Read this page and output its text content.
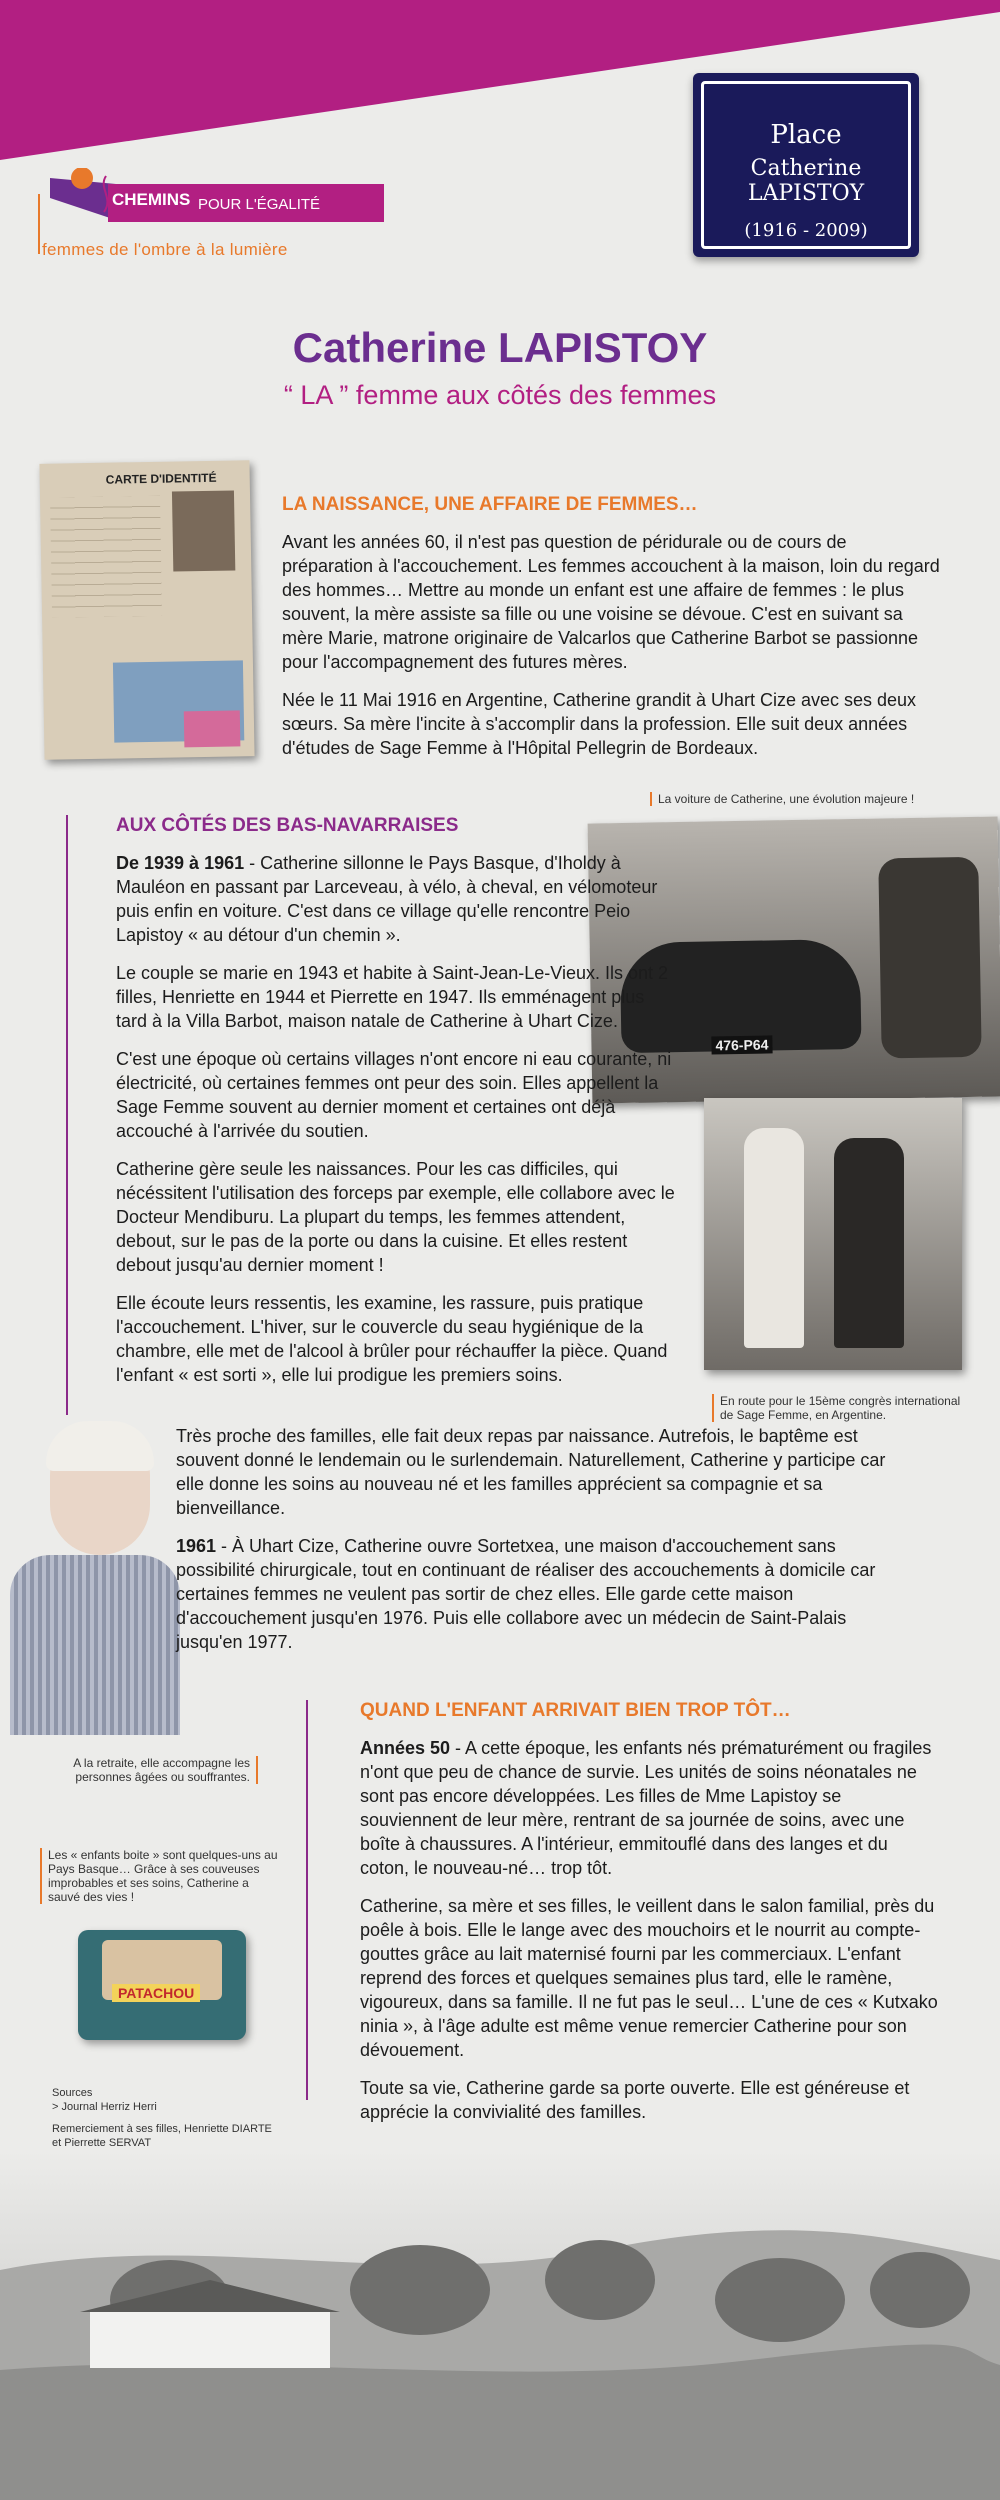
Place
Catherine LAPISTOY
(1916 - 2009)
CHEMINS POUR L'ÉGALITÉ
femmes de l'ombre à la lumière
Catherine LAPISTOY
“ LA ” femme aux côtés des femmes
CARTE D'IDENTITÉ
LA NAISSANCE, UNE AFFAIRE DE FEMMES…

Avant les années 60, il n'est pas question de péridurale ou de cours de préparation à l'accouchement. Les femmes accouchent à la maison, loin du regard des hommes… Mettre au monde un enfant est une affaire de femmes : le plus souvent, la mère assiste sa fille ou une voisine se dévoue. C'est en suivant sa mère Marie, matrone originaire de Valcarlos que Catherine Barbot se passionne pour l'accompagnement des futures mères.

Née le 11 Mai 1916 en Argentine, Catherine grandit à Uhart Cize avec ses deux sœurs. Sa mère l'incite à s'accomplir dans la profession. Elle suit deux années d'études de Sage Femme à l'Hôpital Pellegrin de Bordeaux.

La voiture de Catherine, une évolution majeure !
476-P64
En route pour le 15ème congrès international de Sage Femme, en Argentine.
AUX CÔTÉS DES BAS-NAVARRAISES

De 1939 à 1961 - Catherine sillonne le Pays Basque, d'Iholdy à Mauléon en passant par Larceveau, à vélo, à cheval, en vélomoteur puis enfin en voiture. C'est dans ce village qu'elle rencontre Peio Lapistoy « au détour d'un chemin ».

Le couple se marie en 1943 et habite à Saint-Jean-Le-Vieux. Ils ont 2 filles, Henriette en 1944 et Pierrette en 1947. Ils emménagent plus tard à la Villa Barbot, maison natale de Catherine à Uhart Cize.

C'est une époque où certains villages n'ont encore ni eau courante, ni électricité, où certaines femmes ont peur des soin. Elles appellent la Sage Femme souvent au dernier moment et certaines ont déjà accouché à l'arrivée du soutien.

Catherine gère seule les naissances. Pour les cas difficiles, qui nécéssitent l'utilisation des forceps par exemple, elle collabore avec le Docteur Mendiburu. La plupart du temps, les femmes attendent, debout, sur le pas de la porte ou dans la cuisine. Et elles restent debout jusqu'au dernier moment !

Elle écoute leurs ressentis, les examine, les rassure, puis pratique l'accouchement. L'hiver, sur le couvercle du seau hygiénique de la chambre, elle met de l'alcool à brûler pour réchauffer la pièce. Quand l'enfant « est sorti », elle lui prodigue les premiers soins.

A la retraite, elle accompagne les personnes âgées ou souffrantes.

Très proche des familles, elle fait deux repas par naissance. Autrefois, le baptême est souvent donné le lendemain ou le surlendemain. Naturellement, Catherine y participe car elle donne les soins au nouveau né et les familles apprécient sa compagnie et sa bienveillance.

1961 - À Uhart Cize, Catherine ouvre Sortetxea, une maison d'accouchement sans possibilité chirurgicale, tout en continuant de réaliser des accouchements à domicile car certaines femmes ne veulent pas sortir de chez elles. Elle garde cette maison d'accouchement jusqu'en 1976. Puis elle collabore avec un médecin de Saint-Palais jusqu'en 1977.

Les « enfants boite » sont quelques-uns au Pays Basque… Grâce à ses couveuses improbables et ses soins, Catherine a sauvé des vies !
PATACHOU
QUAND L'ENFANT ARRIVAIT BIEN TROP TÔT…

Années 50 - A cette époque, les enfants nés prématurément ou fragiles n'ont que peu de chance de survie. Les unités de soins néonatales ne sont pas encore développées. Les filles de Mme Lapistoy se souviennent de leur mère, rentrant de sa journée de soins, avec une boîte à chaussures. A l'intérieur, emmitouflé dans des langes et du coton, le nouveau-né… trop tôt.

Catherine, sa mère et ses filles, le veillent dans le salon familial, près du poêle à bois. Elle le lange avec des mouchoirs et le nourrit au compte-gouttes grâce au lait maternisé fourni par les commerciaux. L'enfant reprend des forces et quelques semaines plus tard, elle le ramène, vigoureux, dans sa famille. Il ne fut pas le seul… L'une de ces « Kutxako ninia », à l'âge adulte est même venue remercier Catherine pour son dévouement.

Toute sa vie, Catherine garde sa porte ouverte. Elle est généreuse et apprécie la convivialité des familles.

Sources
> Journal Herriz Herri
Remerciement à ses filles, Henriette DIARTE et Pierrette SERVAT
